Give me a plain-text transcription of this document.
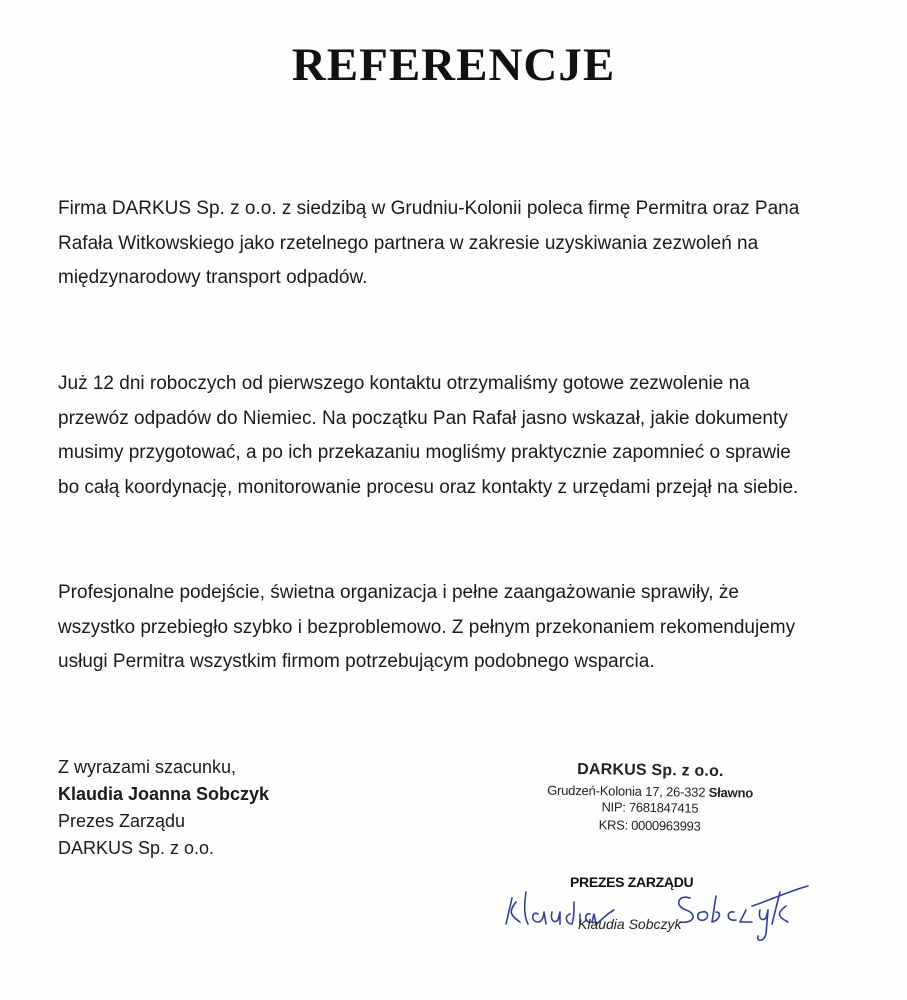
REFERENCJE

Firma DARKUS Sp. z o.o. z siedzibą w Grudniu-Kolonii poleca firmę Permitra oraz Pana
Rafała Witkowskiego jako rzetelnego partnera w zakresie uzyskiwania zezwoleń na
międzynarodowy transport odpadów.

Już 12 dni roboczych od pierwszego kontaktu otrzymaliśmy gotowe zezwolenie na
przewóz odpadów do Niemiec. Na początku Pan Rafał jasno wskazał, jakie dokumenty
musimy przygotować, a po ich przekazaniu mogliśmy praktycznie zapomnieć o sprawie
bo całą koordynację, monitorowanie procesu oraz kontakty z urzędami przejął na siebie.

Profesjonalne podejście, świetna organizacja i pełne zaangażowanie sprawiły, że
wszystko przebiegło szybko i bezproblemowo. Z pełnym przekonaniem rekomendujemy
usługi Permitra wszystkim firmom potrzebującym podobnego wsparcia.

Z wyrazami szacunku,
Klaudia Joanna Sobczyk
Prezes Zarządu
DARKUS Sp. z o.o.
DARKUS Sp. z o.o.
Grudzeń-Kolonia 17, 26-332 Sławno
NIP: 7681847415
KRS: 0000963993
PREZES ZARZĄDU
Klaudia Sobczyk
